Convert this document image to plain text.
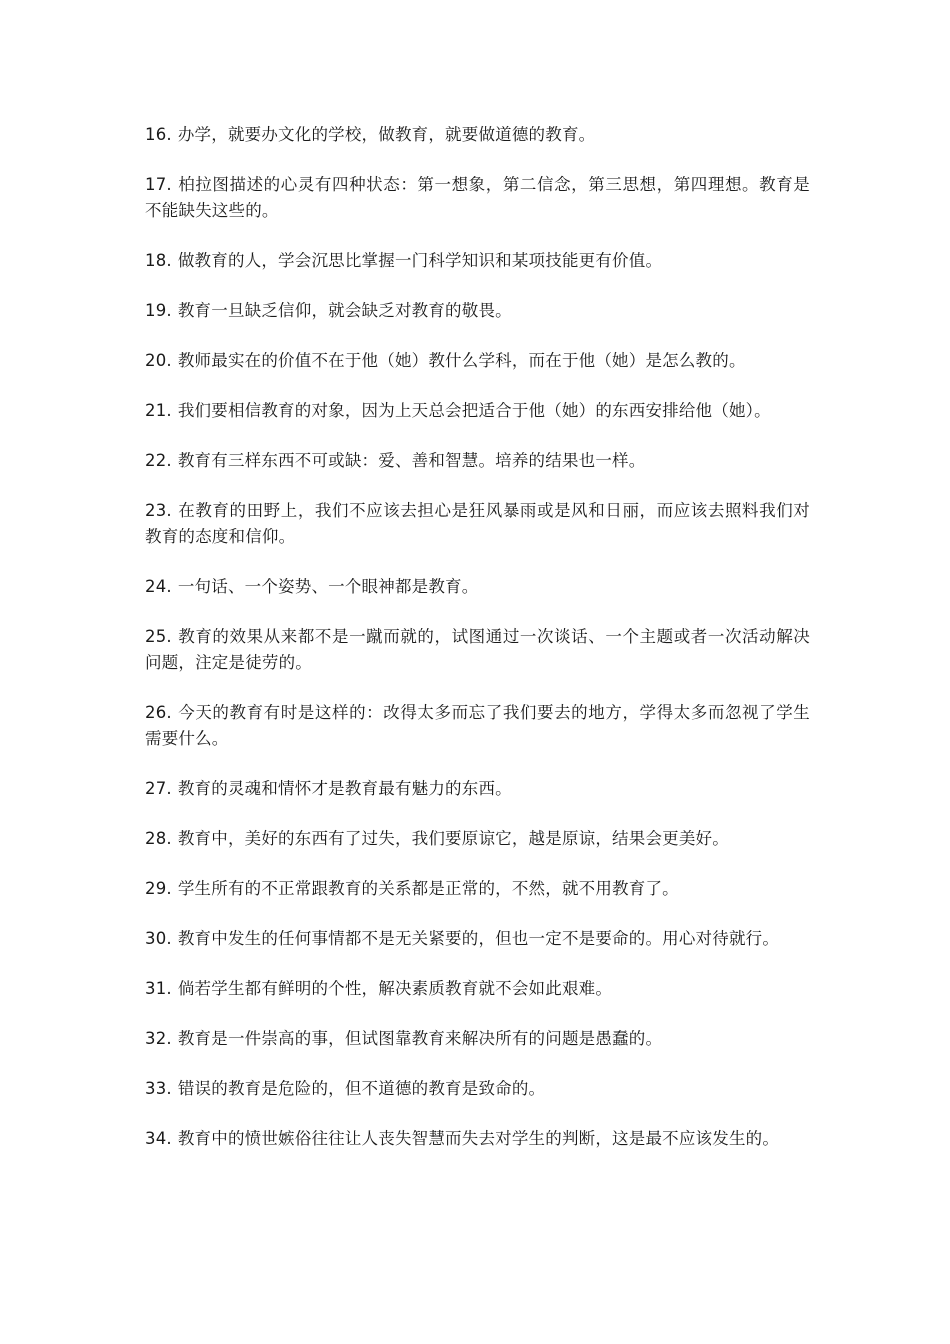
16. 办学，就要办文化的学校，做教育，就要做道德的教育。

17. 柏拉图描述的心灵有四种状态：第一想象，第二信念，第三思想，第四理想。教育是不能缺失这些的。

18. 做教育的人，学会沉思比掌握一门科学知识和某项技能更有价值。

19. 教育一旦缺乏信仰，就会缺乏对教育的敬畏。

20. 教师最实在的价值不在于他（她）教什么学科，而在于他（她）是怎么教的。

21. 我们要相信教育的对象，因为上天总会把适合于他（她）的东西安排给他（她）。

22. 教育有三样东西不可或缺：爱、善和智慧。培养的结果也一样。

23. 在教育的田野上，我们不应该去担心是狂风暴雨或是风和日丽，而应该去照料我们对教育的态度和信仰。

24. 一句话、一个姿势、一个眼神都是教育。

25. 教育的效果从来都不是一蹴而就的，试图通过一次谈话、一个主题或者一次活动解决问题，注定是徒劳的。

26. 今天的教育有时是这样的：改得太多而忘了我们要去的地方，学得太多而忽视了学生需要什么。

27. 教育的灵魂和情怀才是教育最有魅力的东西。

28. 教育中，美好的东西有了过失，我们要原谅它，越是原谅，结果会更美好。

29. 学生所有的不正常跟教育的关系都是正常的，不然，就不用教育了。

30. 教育中发生的任何事情都不是无关紧要的，但也一定不是要命的。用心对待就行。

31. 倘若学生都有鲜明的个性，解决素质教育就不会如此艰难。

32. 教育是一件崇高的事，但试图靠教育来解决所有的问题是愚蠢的。

33. 错误的教育是危险的，但不道德的教育是致命的。

34. 教育中的愤世嫉俗往往让人丧失智慧而失去对学生的判断，这是最不应该发生的。
